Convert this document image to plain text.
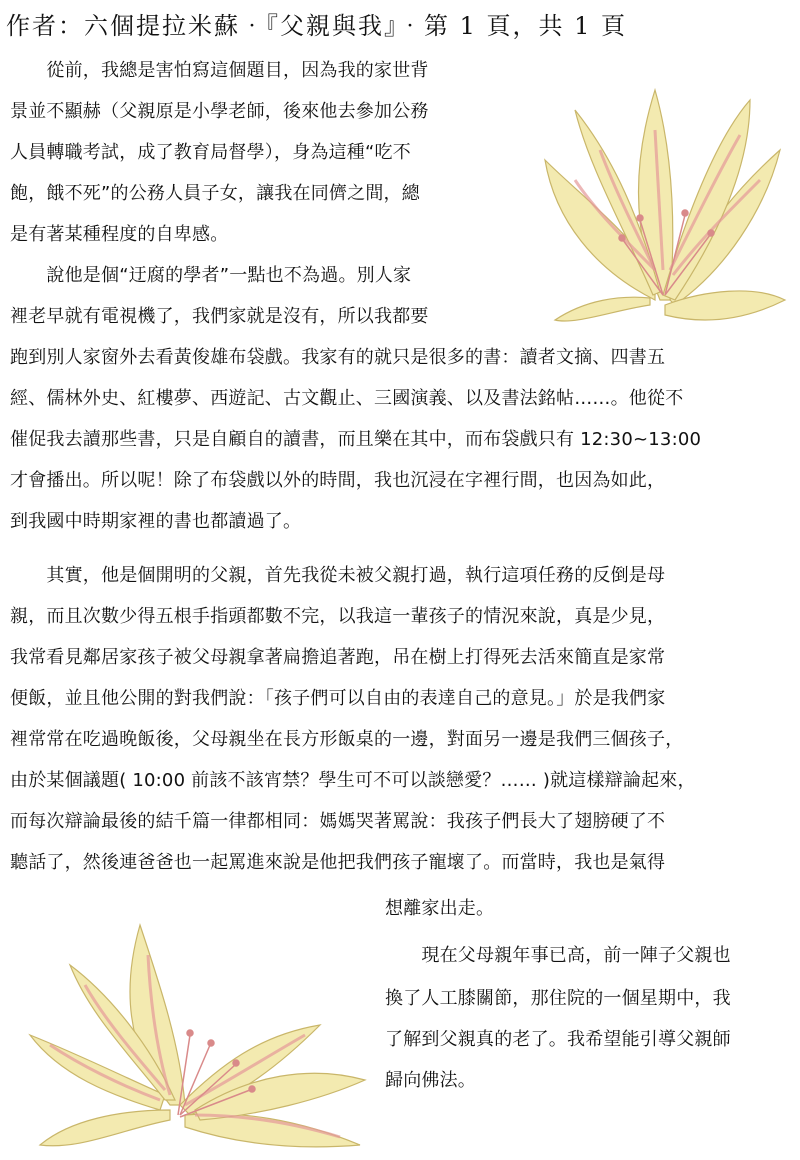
作者：六個提拉米蘇‧『父親與我』‧第 1 頁，共 1 頁
　　從前，我總是害怕寫這個題目，因為我的家世背
景並不顯赫（父親原是小學老師，後來他去參加公務
人員轉職考試，成了教育局督學），身為這種“吃不
飽，餓不死”的公務人員子女，讓我在同儕之間，總
是有著某種程度的自卑感。
　　說他是個“迂腐的學者”一點也不為過。別人家
裡老早就有電視機了，我們家就是沒有，所以我都要
跑到別人家窗外去看黃俊雄布袋戲。我家有的就只是很多的書：讀者文摘、四書五
經、儒林外史、紅樓夢、西遊記、古文觀止、三國演義、以及書法銘帖……。他從不
催促我去讀那些書，只是自顧自的讀書，而且樂在其中，而布袋戲只有 12:30~13:00
才會播出。所以呢！除了布袋戲以外的時間，我也沉浸在字裡行間，也因為如此，
到我國中時期家裡的書也都讀過了。
　　其實，他是個開明的父親，首先我從未被父親打過，執行這項任務的反倒是母
親，而且次數少得五根手指頭都數不完，以我這一輩孩子的情況來說，真是少見，
我常看見鄰居家孩子被父母親拿著扁擔追著跑，吊在樹上打得死去活來簡直是家常
便飯，並且他公開的對我們說：「孩子們可以自由的表達自己的意見。」於是我們家
裡常常在吃過晚飯後，父母親坐在長方形飯桌的一邊，對面另一邊是我們三個孩子，
由於某個議題( 10:00 前該不該宵禁？學生可不可以談戀愛？…… )就這樣辯論起來，
而每次辯論最後的結千篇一律都相同：媽媽哭著罵說：我孩子們長大了翅膀硬了不
聽話了，然後連爸爸也一起罵進來說是他把我們孩子寵壞了。而當時，我也是氣得
想離家出走。
　　現在父母親年事已高，前一陣子父親也
換了人工膝關節，那住院的一個星期中，我
了解到父親真的老了。我希望能引導父親師
歸向佛法。
